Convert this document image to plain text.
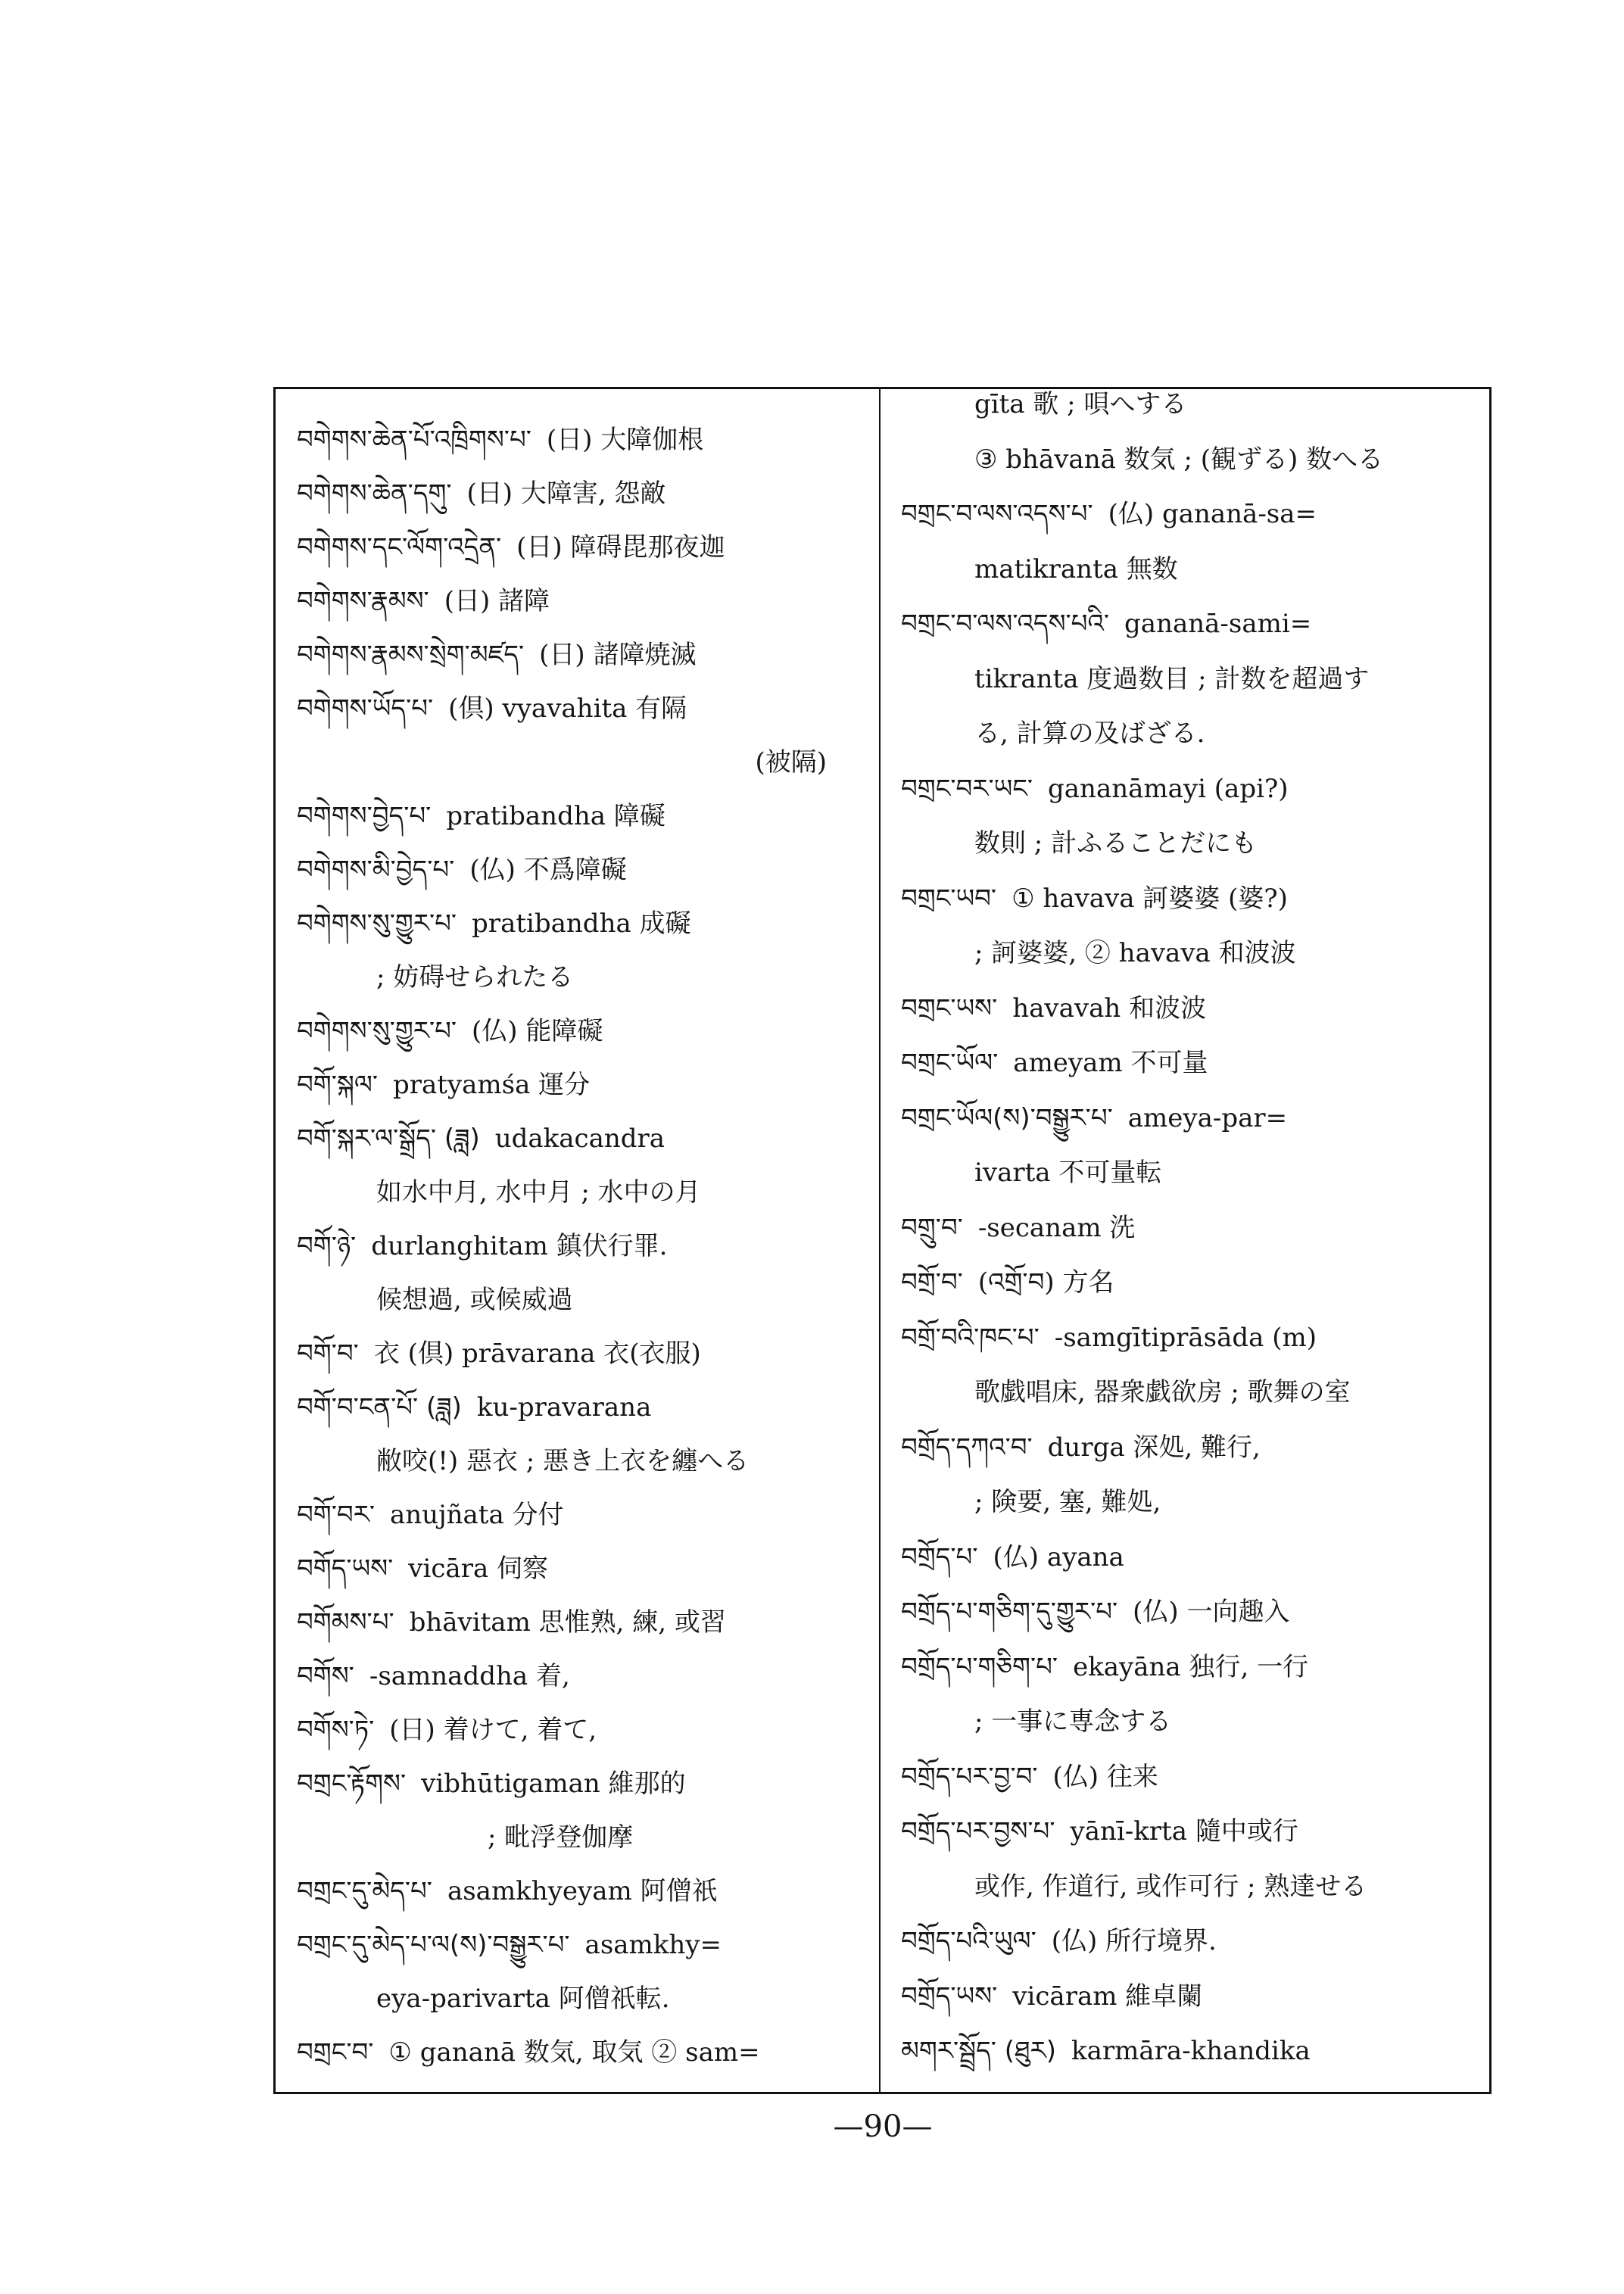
བགེགས་ཆེན་པོ་འཁྲིགས་པ་ (日) 大障伽根
བགེགས་ཆེན་དགུ་ (日) 大障害, 怨敵
བགེགས་དང་ལོག་འདྲེན་ (日) 障碍毘那夜迦
བགེགས་རྣམས་ (日) 諸障
བགེགས་རྣམས་སྲེག་མཛད་ (日) 諸障焼滅
བགེགས་ཡོད་པ་ (倶) vyavahita 有隔
(被隔)
བགེགས་བྱེད་པ་ pratibandha 障礙
བགེགས་མི་བྱེད་པ་ (仏) 不爲障礙
བགེགས་སུ་གྱུར་པ་ pratibandha 成礙
; 妨碍せられたる
བགེགས་སུ་གྱུར་པ་ (仏) 能障礙
བགོ་སྐལ་ pratyamśa 運分
བགོ་སྐར་ལ་སྒྲོད་ (ཟླ) udakacandra
如水中月, 水中月 ; 水中の月
བགོ་ཉེ་ durlanghitam 鎮伏行罪.
候想過, 或候威過
བགོ་བ་ 衣 (倶) prāvarana 衣(衣服)
བགོ་བ་ངན་པོ་ (ཟླ) ku-pravarana
敝咬(!) 惡衣 ; 悪き上衣を纏へる
བགོ་བར་ anujñata 分付
བགོད་ཡས་ vicāra 伺察
བགོམས་པ་ bhāvitam 思惟熟, 練, 或習
བགོས་ -samnaddha 着,
བགོས་ཏེ་ (日) 着けて, 着て,
བགྲང་རྟོགས་ vibhūtigaman 維那的
; 毗浮登伽摩
བགྲང་དུ་མེད་པ་ asamkhyeyam 阿僧祇
བགྲང་དུ་མེད་པ་ལ(ས)་བསྒྱུར་པ་ asamkhy=
eya-parivarta 阿僧祇転.
བགྲང་བ་ ① gananā 数気, 取気 ② sam=
gīta 歌 ; 唄へする
③ bhāvanā 数気 ; (観ずる) 数へる
བགྲང་བ་ལས་འདས་པ་ (仏) gananā-sa=
matikranta 無数
བགྲང་བ་ལས་འདས་པའི་ gananā-sami=
tikranta 度過数目 ; 計数を超過す
る, 計算の及ばざる.
བགྲང་བར་ཡང་ gananāmayi (api?)
数則 ; 計ふることだにも
བགྲང་ཡབ་ ① havava 訶婆婆 (婆?)
; 訶婆婆, ② havava 和波波
བགྲང་ཡས་ havavah 和波波
བགྲང་ཡོལ་ ameyam 不可量
བགྲང་ཡོལ(ས)་བསྒྱུར་པ་ ameya-par=
ivarta 不可量転
བགྲུ་བ་ -secanam 洗
བགྲོ་བ་ (འགྲོ་བ) 方名
བགྲོ་བའི་ཁང་པ་ -samgītiprāsāda (m)
歌戯唱床, 器衆戯欲房 ; 歌舞の室
བགྲོད་དཀའ་བ་ durga 深処, 難行,
; 険要, 塞, 難処,
བགྲོད་པ་ (仏) ayana
བགྲོད་པ་གཅིག་དུ་གྱུར་པ་ (仏) 一向趣入
བགྲོད་པ་གཅིག་པ་ ekayāna 独行, 一行
; 一事に専念する
བགྲོད་པར་བྱ་བ་ (仏) 往来
བགྲོད་པར་བྱས་པ་ yānī-krta 隨中或行
或作, 作道行, 或作可行 ; 熟達せる
བགྲོད་པའི་ཡུལ་ (仏) 所行境界.
བགྲོད་ཡས་ vicāram 維卓闌
མགར་སྦྲོད་ (ཐུར) karmāra-khandika
—90—
